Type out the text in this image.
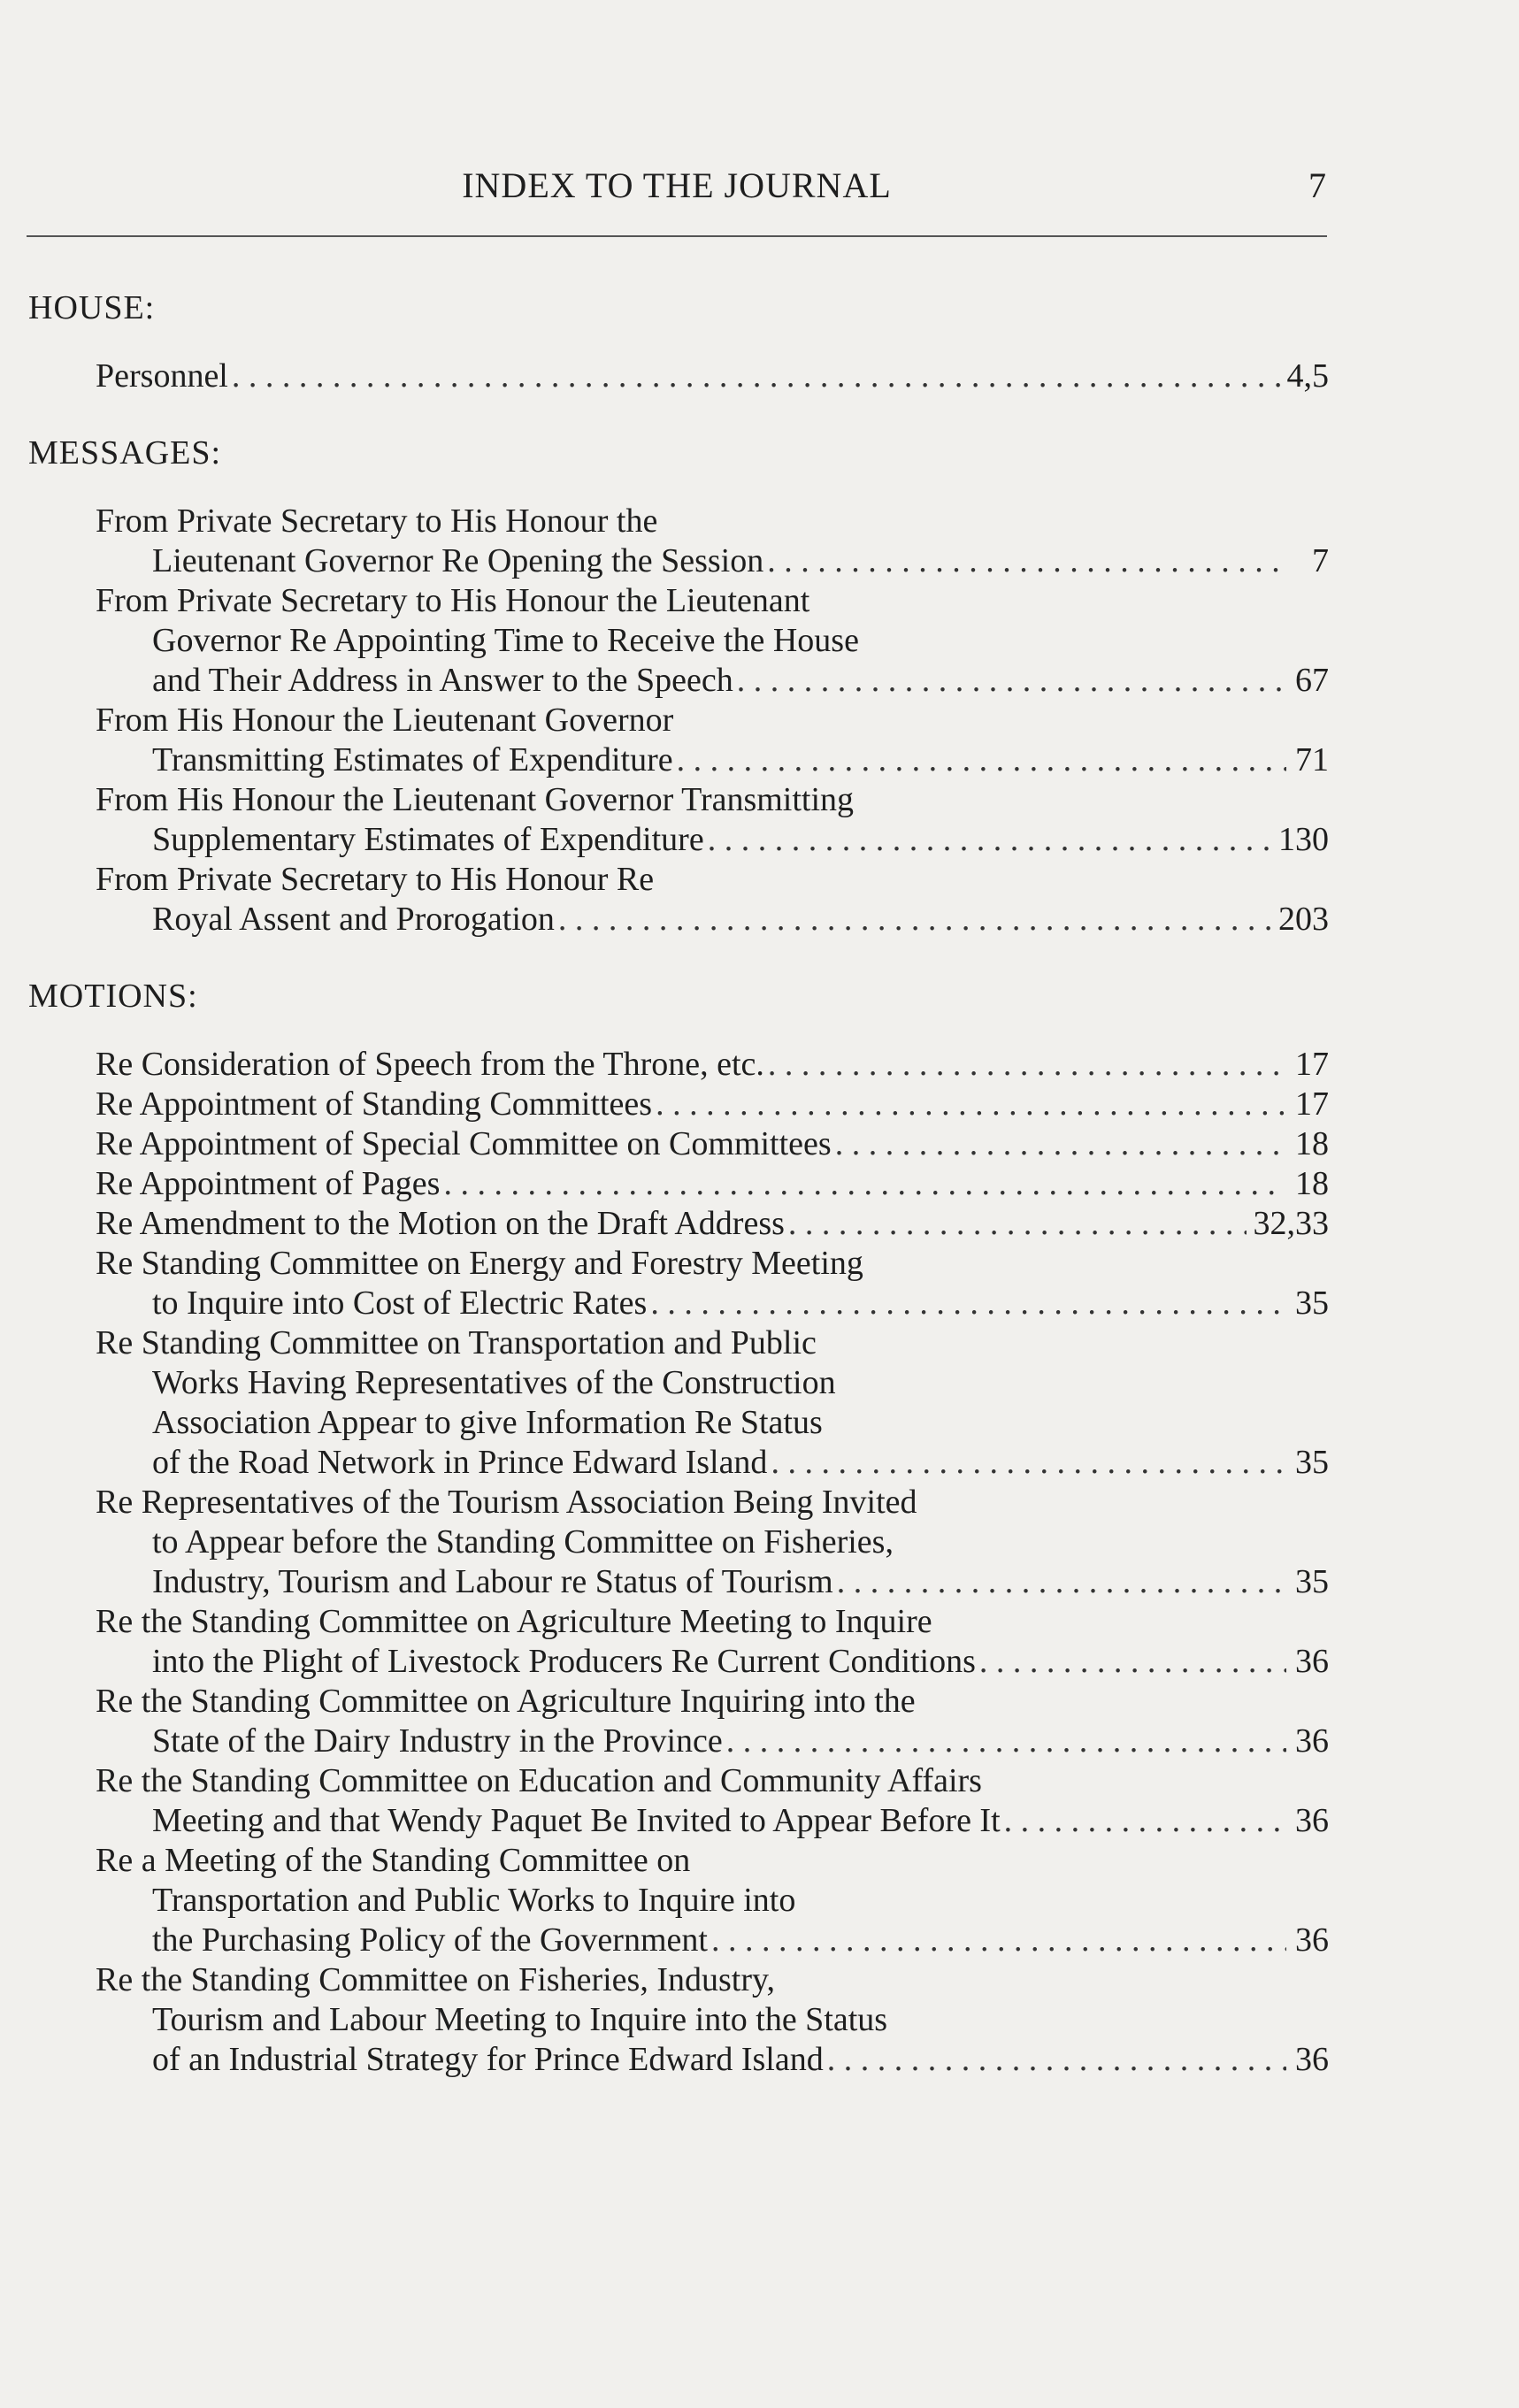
INDEX TO THE JOURNAL	7
HOUSE:
Personnel . . .	4,5
MESSAGES:
From Private Secretary to His Honour the
Lieutenant Governor Re Opening the Session . . .	7
From Private Secretary to His Honour the Lieutenant
Governor Re Appointing Time to Receive the House
and Their Address in Answer to the Speech . . .	67
From His Honour the Lieutenant Governor
Transmitting Estimates of Expenditure . . .	71
From His Honour the Lieutenant Governor Transmitting
Supplementary Estimates of Expenditure . . .	130
From Private Secretary to His Honour Re
Royal Assent and Prorogation . . .	203
MOTIONS:
Re Consideration of Speech from the Throne, etc. . . .	17
Re Appointment of Standing Committees . . .	17
Re Appointment of Special Committee on Committees . . .	18
Re Appointment of Pages . . .	18
Re Amendment to the Motion on the Draft Address . . .	32,33
Re Standing Committee on Energy and Forestry Meeting
to Inquire into Cost of Electric Rates . . .	35
Re Standing Committee on Transportation and Public
Works Having Representatives of the Construction
Association Appear to give Information Re Status
of the Road Network in Prince Edward Island . . .	35
Re Representatives of the Tourism Association Being Invited
to Appear before the Standing Committee on Fisheries,
Industry, Tourism and Labour re Status of Tourism . . .	35
Re the Standing Committee on Agriculture Meeting to Inquire
into the Plight of Livestock Producers Re Current Conditions . . .	36
Re the Standing Committee on Agriculture Inquiring into the
State of the Dairy Industry in the Province . . .	36
Re the Standing Committee on Education and Community Affairs
Meeting and that Wendy Paquet Be Invited to Appear Before It . . .	36
Re a Meeting of the Standing Committee on
Transportation and Public Works to Inquire into
the Purchasing Policy of the Government . . .	36
Re the Standing Committee on Fisheries, Industry,
Tourism and Labour Meeting to Inquire into the Status
of an Industrial Strategy for Prince Edward Island . . .	36
